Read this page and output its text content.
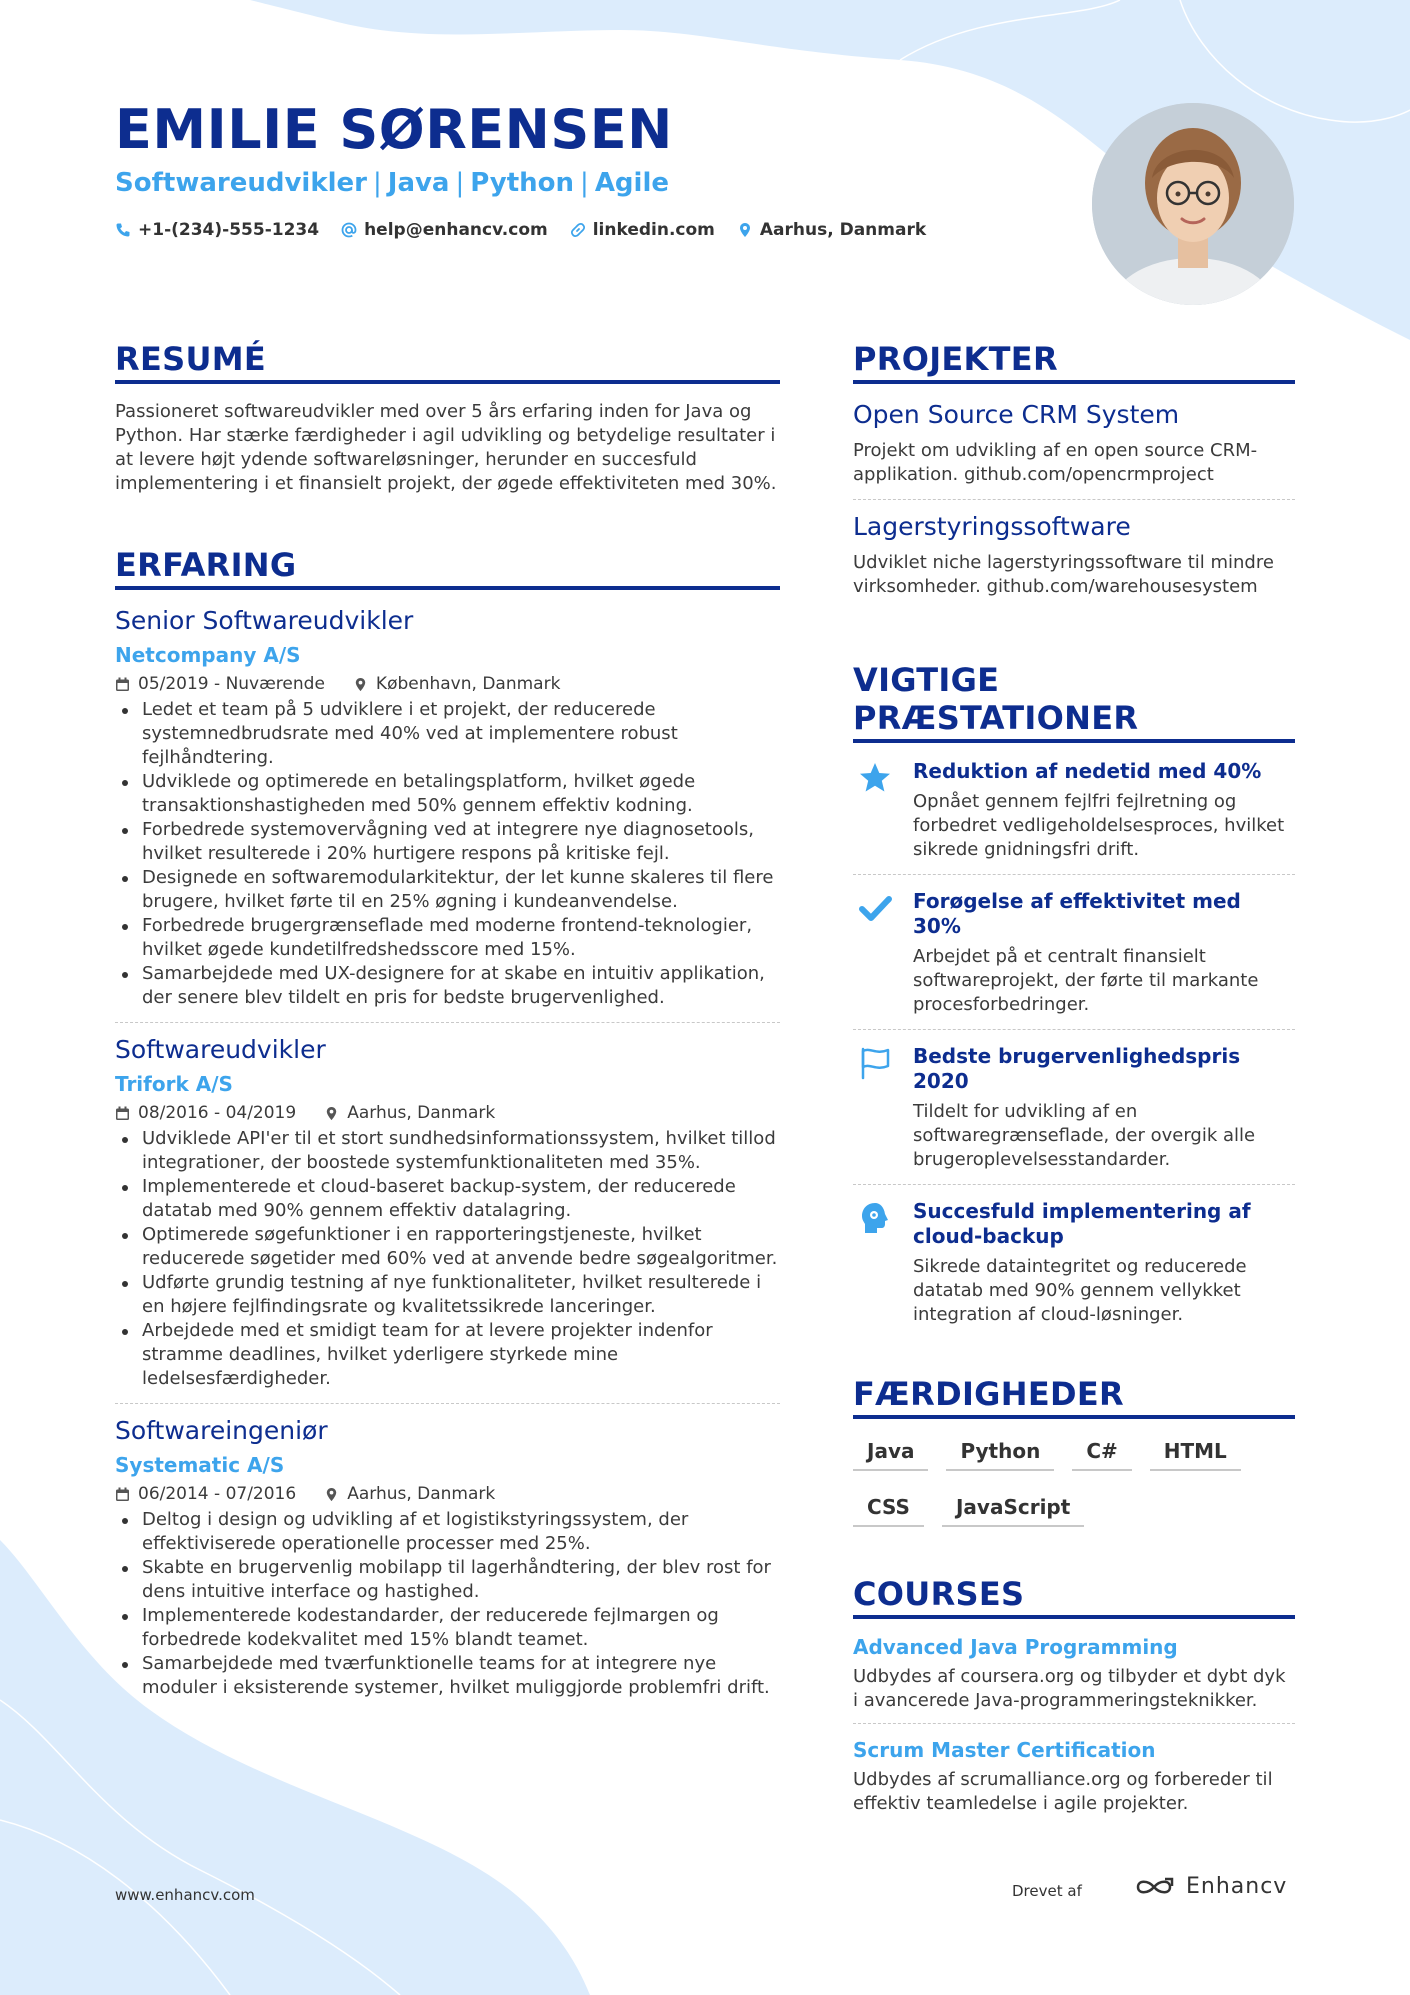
EMILIE SØRENSEN
Softwareudvikler | Java | Python | Agile
+1-(234)-555-1234	help@enhancv.com	linkedin.com	Aarhus, Danmark
RESUMÉ
Passioneret softwareudvikler med over 5 års erfaring inden for Java og Python. Har stærke færdigheder i agil udvikling og betydelige resultater i at levere højt ydende softwareløsninger, herunder en succesfuld implementering i et finansielt projekt, der øgede effektiviteten med 30%.
ERFARING
Senior Softwareudvikler
Netcompany A/S
05/2019 - Nuværende	København, Danmark
Ledet et team på 5 udviklere i et projekt, der reducerede systemnedbrudsrate med 40% ved at implementere robust fejlhåndtering.
Udviklede og optimerede en betalingsplatform, hvilket øgede transaktionshastigheden med 50% gennem effektiv kodning.
Forbedrede systemovervågning ved at integrere nye diagnosetools, hvilket resulterede i 20% hurtigere respons på kritiske fejl.
Designede en softwaremodularkitektur, der let kunne skaleres til flere brugere, hvilket førte til en 25% øgning i kundeanvendelse.
Forbedrede brugergrænseflade med moderne frontend-teknologier, hvilket øgede kundetilfredshedsscore med 15%.
Samarbejdede med UX-designere for at skabe en intuitiv applikation, der senere blev tildelt en pris for bedste brugervenlighed.
Softwareudvikler
Trifork A/S
08/2016 - 04/2019	Aarhus, Danmark
Udviklede API'er til et stort sundhedsinformationssystem, hvilket tillod integrationer, der boostede systemfunktionaliteten med 35%.
Implementerede et cloud-baseret backup-system, der reducerede datatab med 90% gennem effektiv datalagring.
Optimerede søgefunktioner i en rapporteringstjeneste, hvilket reducerede søgetider med 60% ved at anvende bedre søgealgoritmer.
Udførte grundig testning af nye funktionaliteter, hvilket resulterede i en højere fejlfindingsrate og kvalitetssikrede lanceringer.
Arbejdede med et smidigt team for at levere projekter indenfor stramme deadlines, hvilket yderligere styrkede mine ledelsesfærdigheder.
Softwareingeniør
Systematic A/S
06/2014 - 07/2016	Aarhus, Danmark
Deltog i design og udvikling af et logistikstyringssystem, der effektiviserede operationelle processer med 25%.
Skabte en brugervenlig mobilapp til lagerhåndtering, der blev rost for dens intuitive interface og hastighed.
Implementerede kodestandarder, der reducerede fejlmargen og forbedrede kodekvalitet med 15% blandt teamet.
Samarbejdede med tværfunktionelle teams for at integrere nye moduler i eksisterende systemer, hvilket muliggjorde problemfri drift.
PROJEKTER
Open Source CRM System
Projekt om udvikling af en open source CRM-applikation. github.com/opencrmproject
Lagerstyringssoftware
Udviklet niche lagerstyringssoftware til mindre virksomheder. github.com/warehousesystem
VIGTIGE PRÆSTATIONER
Reduktion af nedetid med 40%
Opnået gennem fejlfri fejlretning og forbedret vedligeholdelsesproces, hvilket sikrede gnidningsfri drift.
Forøgelse af effektivitet med 30%
Arbejdet på et centralt finansielt softwareprojekt, der førte til markante procesforbedringer.
Bedste brugervenlighedspris 2020
Tildelt for udvikling af en softwaregrænseflade, der overgik alle brugeroplevelsesstandarder.
Succesfuld implementering af cloud-backup
Sikrede dataintegritet og reducerede datatab med 90% gennem vellykket integration af cloud-løsninger.
FÆRDIGHEDER
Java	Python	C#	HTML
CSS	JavaScript
COURSES
Advanced Java Programming
Udbydes af coursera.org og tilbyder et dybt dyk i avancerede Java-programmeringsteknikker.
Scrum Master Certification
Udbydes af scrumalliance.org og forbereder til effektiv teamledelse i agile projekter.
www.enhancv.com	Drevet af	Enhancv
